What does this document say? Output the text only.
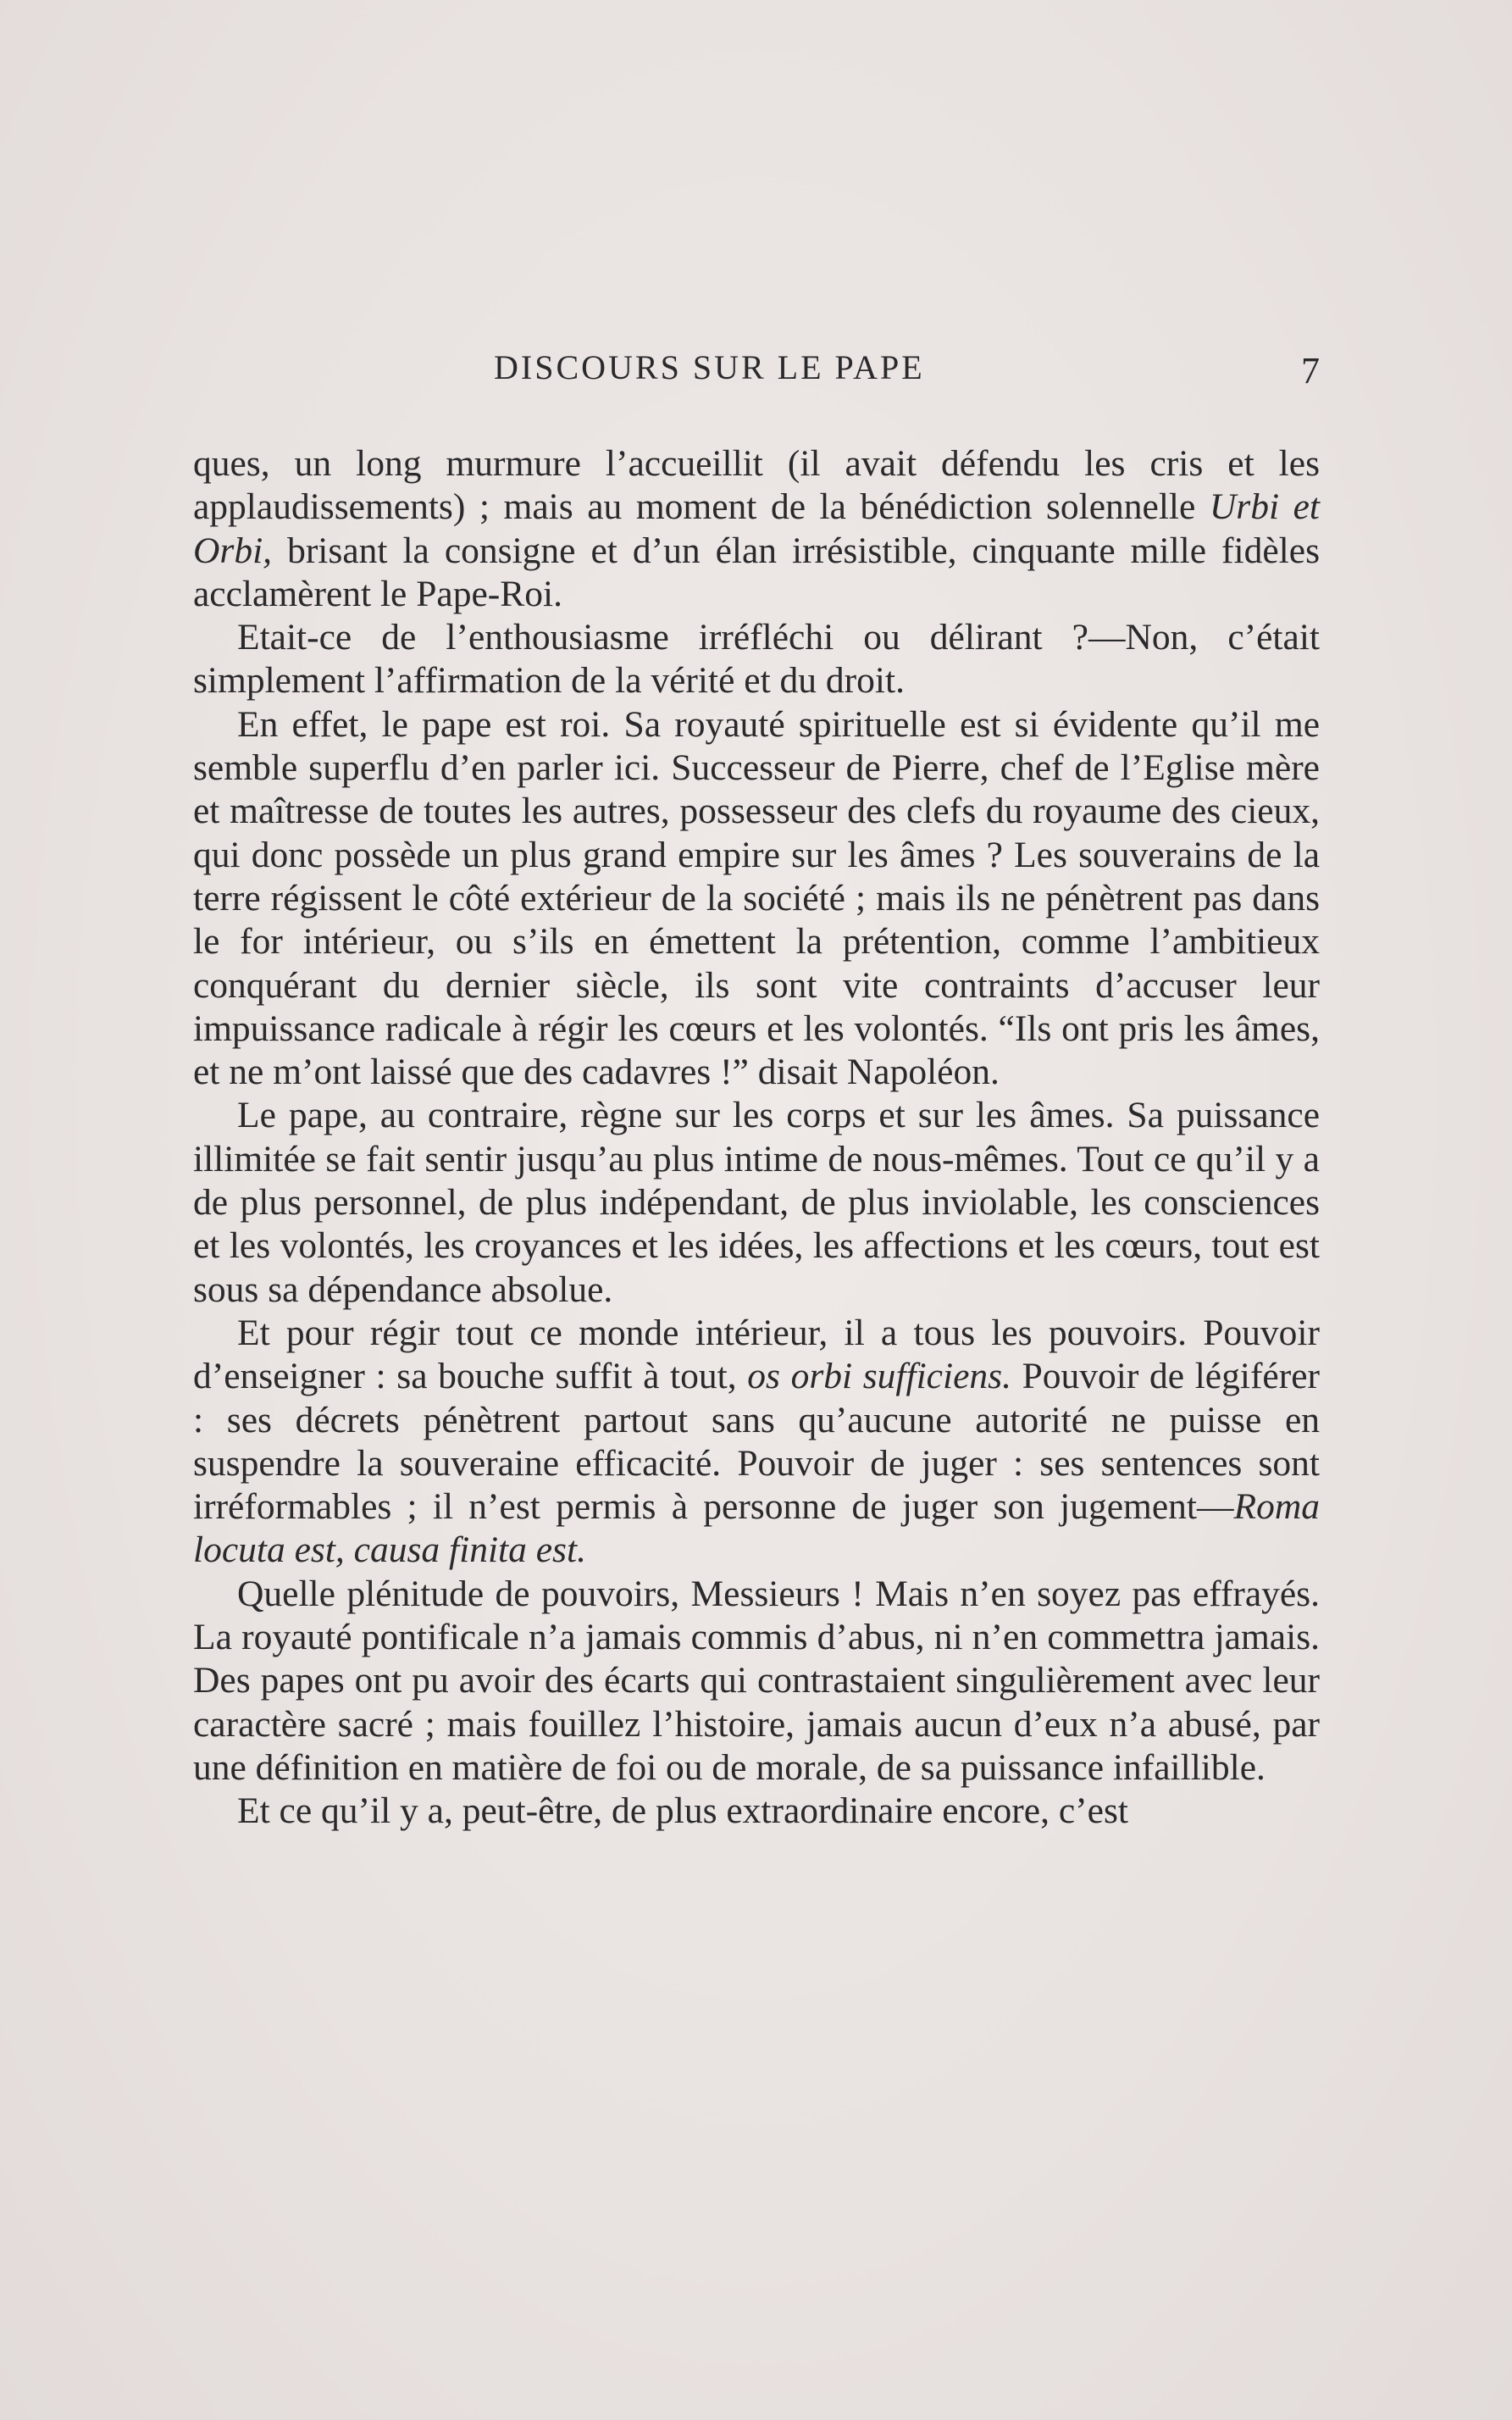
DISCOURS SUR LE PAPE	7

ques, un long murmure l’accueillit (il avait défendu les cris et les applaudissements) ; mais au moment de la bénédiction solennelle Urbi et Orbi, brisant la consigne et d’un élan irrésistible, cinquante mille fidèles acclamèrent le Pape-Roi.

Etait-ce de l’enthousiasme irréfléchi ou délirant ?—Non, c’était simplement l’affirmation de la vérité et du droit.

En effet, le pape est roi. Sa royauté spirituelle est si évidente qu’il me semble superflu d’en parler ici. Successeur de Pierre, chef de l’Eglise mère et maîtresse de toutes les autres, possesseur des clefs du royaume des cieux, qui donc possède un plus grand empire sur les âmes ? Les souverains de la terre régissent le côté extérieur de la société ; mais ils ne pénètrent pas dans le for intérieur, ou s’ils en émettent la prétention, comme l’ambitieux conquérant du dernier siècle, ils sont vite contraints d’accuser leur impuissance radicale à régir les cœurs et les volontés. “Ils ont pris les âmes, et ne m’ont laissé que des cadavres !” disait Napoléon.

Le pape, au contraire, règne sur les corps et sur les âmes. Sa puissance illimitée se fait sentir jusqu’au plus intime de nous-mêmes. Tout ce qu’il y a de plus personnel, de plus indépendant, de plus inviolable, les consciences et les volontés, les croyances et les idées, les affections et les cœurs, tout est sous sa dépendance absolue.

Et pour régir tout ce monde intérieur, il a tous les pouvoirs. Pouvoir d’enseigner : sa bouche suffit à tout, os orbi sufficiens. Pouvoir de légiférer : ses décrets pénètrent partout sans qu’aucune autorité ne puisse en suspendre la souveraine efficacité. Pouvoir de juger : ses sentences sont irréformables ; il n’est permis à personne de juger son jugement—Roma locuta est, causa finita est.

Quelle plénitude de pouvoirs, Messieurs ! Mais n’en soyez pas effrayés. La royauté pontificale n’a jamais commis d’abus, ni n’en commettra jamais. Des papes ont pu avoir des écarts qui contrastaient singulièrement avec leur caractère sacré ; mais fouillez l’histoire, jamais aucun d’eux n’a abusé, par une définition en matière de foi ou de morale, de sa puissance infaillible.

Et ce qu’il y a, peut-être, de plus extraordinaire encore, c’est
